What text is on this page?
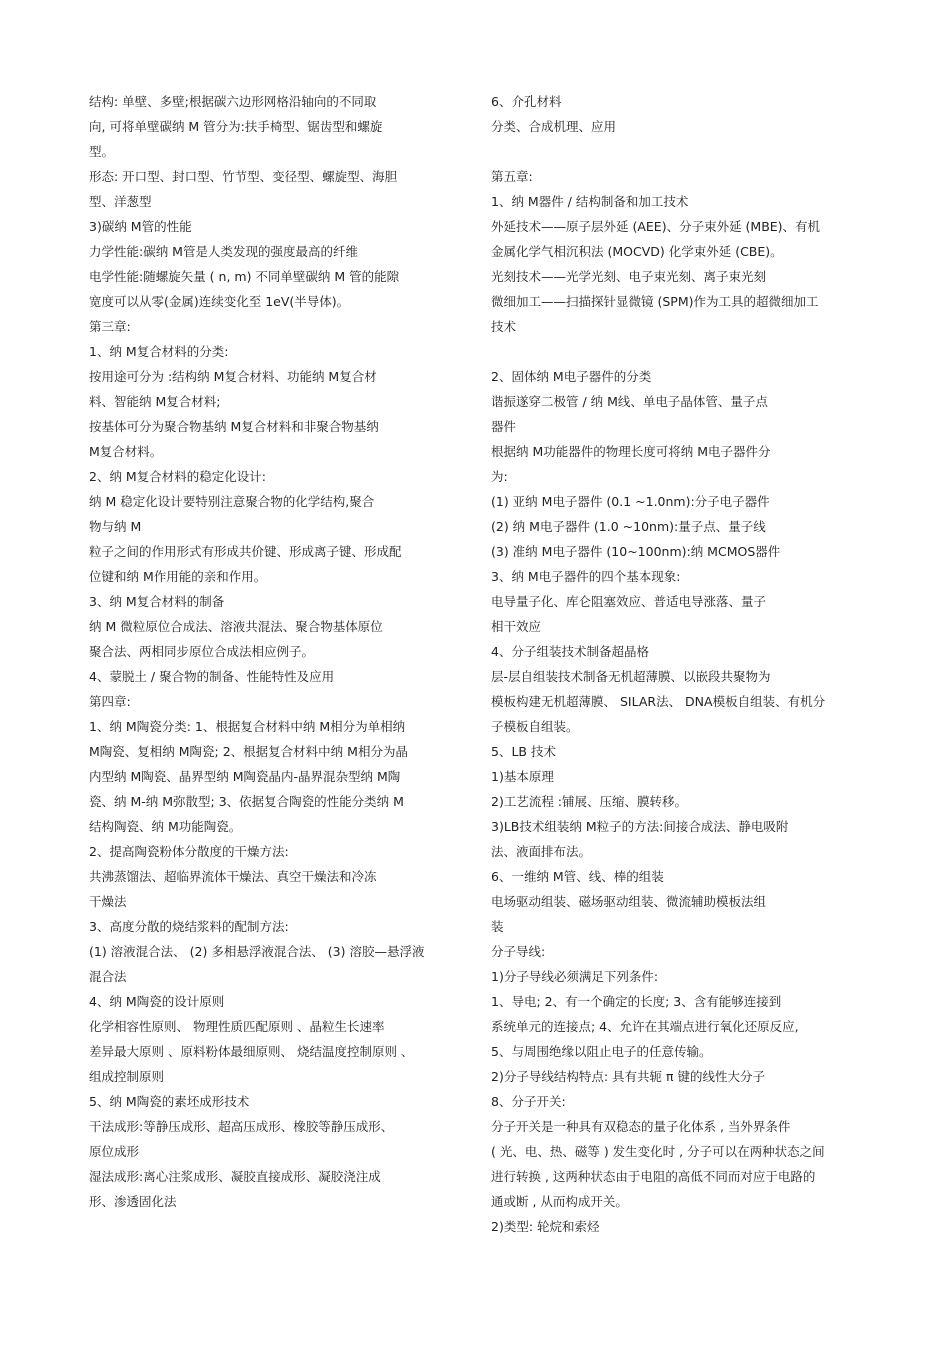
结构: 单壁、多壁;根据碳六边形网格沿轴向的不同取
向, 可将单壁碳纳 M 管分为:扶手椅型、锯齿型和螺旋
型。
形态: 开口型、封口型、竹节型、变径型、螺旋型、海胆
型、洋葱型
3)碳纳 M管的性能
力学性能:碳纳 M管是人类发现的强度最高的纤维
电学性能:随螺旋矢量 ( n, m) 不同单壁碳纳 M 管的能隙
宽度可以从零(金属)连续变化至 1eV(半导体)。
第三章:
1、纳 M复合材料的分类:
按用途可分为 :结构纳 M复合材料、功能纳 M复合材
料、智能纳 M复合材料;
按基体可分为聚合物基纳 M复合材料和非聚合物基纳
M复合材料。
2、纳 M复合材料的稳定化设计:
纳 M 稳定化设计要特别注意聚合物的化学结构,聚合
物与纳 M
粒子之间的作用形式有形成共价键、形成离子键、形成配
位键和纳 M作用能的亲和作用。
3、纳 M复合材料的制备
纳 M 微粒原位合成法、溶液共混法、聚合物基体原位
聚合法、两相同步原位合成法相应例子。
4、蒙脱土 / 聚合物的制备、性能特性及应用
第四章:
1、纳 M陶瓷分类: 1、根据复合材料中纳 M相分为单相纳
M陶瓷、复相纳 M陶瓷; 2、根据复合材料中纳 M相分为晶
内型纳 M陶瓷、晶界型纳 M陶瓷晶内-晶界混杂型纳 M陶
瓷、纳 M-纳 M弥散型; 3、依据复合陶瓷的性能分类纳 M
结构陶瓷、纳 M功能陶瓷。
2、提高陶瓷粉体分散度的干燥方法:
共沸蒸馏法、超临界流体干燥法、真空干燥法和冷冻
干燥法
3、高度分散的烧结浆料的配制方法:
(1) 溶液混合法、 (2) 多相悬浮液混合法、 (3) 溶胶—悬浮液
混合法
4、纳 M陶瓷的设计原则
化学相容性原则、 物理性质匹配原则 、晶粒生长速率
差异最大原则 、原料粉体最细原则、 烧结温度控制原则 、
组成控制原则
5、纳 M陶瓷的素坯成形技术
干法成形:等静压成形、超高压成形、橡胶等静压成形、
原位成形
湿法成形:离心注浆成形、凝胶直接成形、凝胶浇注成
形、渗透固化法
6、介孔材料
分类、合成机理、应用
第五章:
1、纳 M器件 / 结构制备和加工技术
外延技术——原子层外延 (AEE)、分子束外延 (MBE)、有机
金属化学气相沉积法 (MOCVD) 化学束外延 (CBE)。
光刻技术——光学光刻、电子束光刻、离子束光刻
微细加工——扫描探针显微镜 (SPM)作为工具的超微细加工
技术
2、固体纳 M电子器件的分类
谐振遂穿二极管 / 纳 M线、单电子晶体管、量子点
器件
根据纳 M功能器件的物理长度可将纳 M电子器件分
为:
(1) 亚纳 M电子器件 (0.1 ~1.0nm):分子电子器件
(2) 纳 M电子器件 (1.0 ~10nm):量子点、量子线
(3) 准纳 M电子器件 (10~100nm):纳 MCMOS器件
3、纳 M电子器件的四个基本现象:
电导量子化、库仑阻塞效应、普适电导涨落、量子
相干效应
4、分子组装技术制备超晶格
层-层自组装技术制备无机超薄膜、以嵌段共聚物为
模板构建无机超薄膜、 SILAR法、 DNA模板自组装、有机分
子模板自组装。
5、LB 技术
1)基本原理
2)工艺流程 :铺展、压缩、膜转移。
3)LB技术组装纳 M粒子的方法:间接合成法、静电吸附
法、液面排布法。
6、一维纳 M管、线、棒的组装
电场驱动组装、磁场驱动组装、微流辅助模板法组
装
分子导线:
1)分子导线必须满足下列条件:
1、导电; 2、有一个确定的长度; 3、含有能够连接到
系统单元的连接点; 4、允许在其端点进行氧化还原反应,
5、与周围绝缘以阻止电子的任意传输。
2)分子导线结构特点: 具有共轭 π 键的线性大分子
8、分子开关:
分子开关是一种具有双稳态的量子化体系 , 当外界条件
( 光、电、热、磁等 ) 发生变化时 , 分子可以在两种状态之间
进行转换 , 这两种状态由于电阻的高低不同而对应于电路的
通或断 , 从而构成开关。
2)类型: 轮烷和索烃
